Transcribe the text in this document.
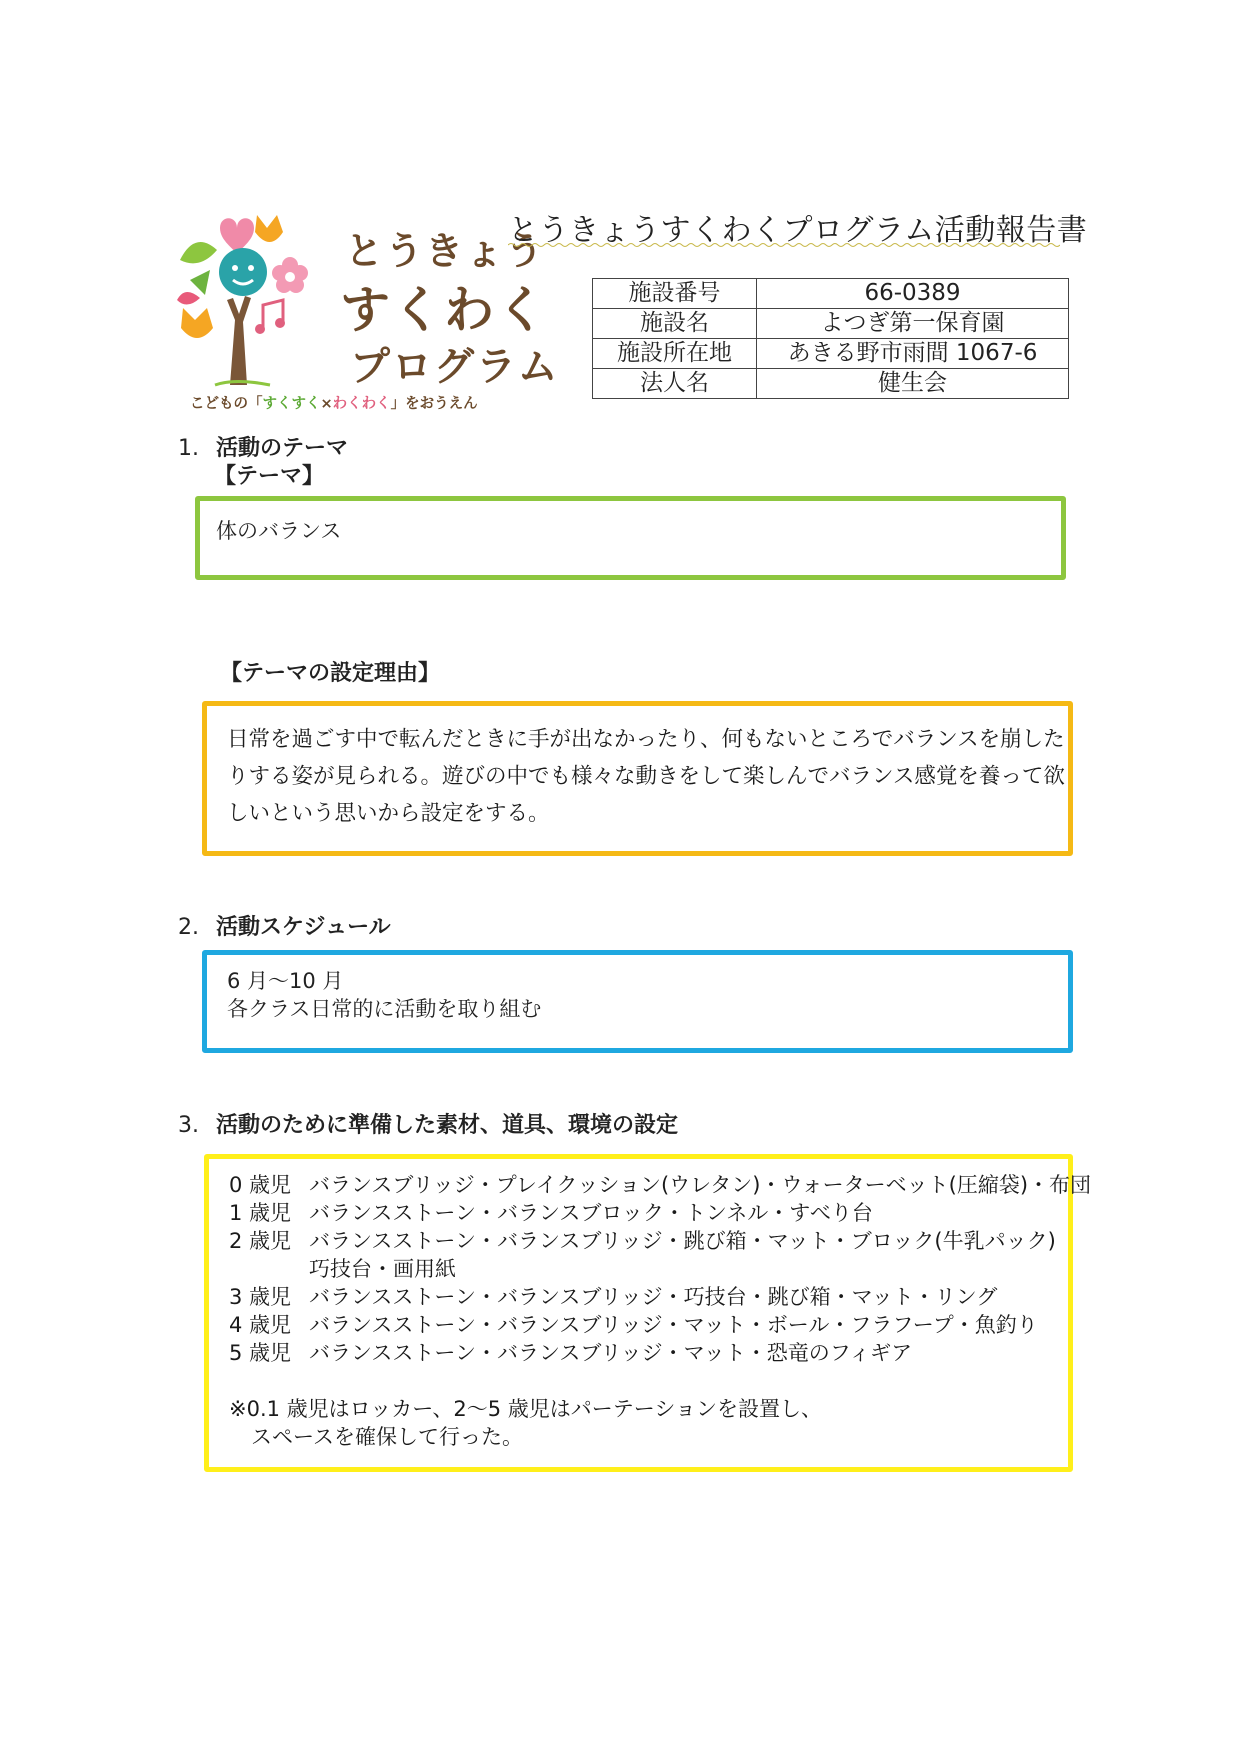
とうきょう
すくわく
プログラム
こどもの「すくすく×わくわく」をおうえん
とうきょうすくわくプログラム活動報告書
施設番号	66-0389
施設名	よつぎ第一保育園
施設所在地	あきる野市雨間 1067-6
法人名	健生会
1. 活動のテーマ
【テーマ】
体のバランス
【テーマの設定理由】
日常を過ごす中で転んだときに手が出なかったり、何もないところでバランスを崩した
りする姿が見られる。遊びの中でも様々な動きをして楽しんでバランス感覚を養って欲
しいという思いから設定をする。
2. 活動スケジュール
6 月～10 月
各クラス日常的に活動を取り組む
3. 活動のために準備した素材、道具、環境の設定
0 歳児 バランスブリッジ・プレイクッション(ウレタン)・ウォーターベット(圧縮袋)・布団
1 歳児 バランスストーン・バランスブロック・トンネル・すべり台
2 歳児 バランスストーン・バランスブリッジ・跳び箱・マット・ブロック(牛乳パック)
巧技台・画用紙
3 歳児 バランスストーン・バランスブリッジ・巧技台・跳び箱・マット・リング
4 歳児 バランスストーン・バランスブリッジ・マット・ボール・フラフープ・魚釣り
5 歳児 バランスストーン・バランスブリッジ・マット・恐竜のフィギア
※0.1 歳児はロッカー、2～5 歳児はパーテーションを設置し、
スペースを確保して行った。
